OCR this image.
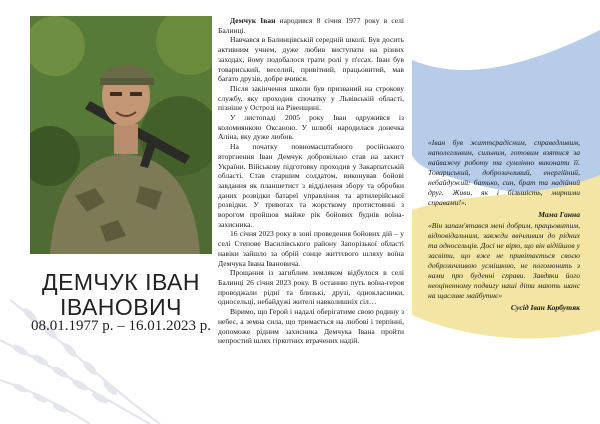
ДЕМЧУК ІВАН
ІВАНОВИЧ
08.01.1977 р. – 16.01.2023 р.

Демчук Іван народився 8 січня 1977 року в селі Балинці.

Навчався в Балинцівській середній школі. Був досить активним учнем, дуже любив виступати на різних заходах, йому подобалося грати ролі у п'єсах. Іван був товариський, веселий, привітний, працьовитий, мав багато друзів, добре вчився.

Після закінчення школи був призваний на строкову службу, яку проходив спочатку у Львівській області, пізніше у Острозі на Рівенщині.

У листопаді 2005 року Іван одружився із коломиянкою Оксаною. У шлюбі народилася донечка Аліна, яку дуже любив.

На початку повномасштабного російського вторгнення Іван Демчук добровільно став на захист України. Військову підготовку проходив у Закарпатській області. Став старшим солдатом, виконував бойові завдання як планшетист з відділення збору та обробки даних розвідки батареї управління та артилерійської розвідки. У тривогах та жорсткому протистоянні з ворогом пройшов майже рік бойових буднів воїна-захисника.

16 січня 2023 року в зоні проведення бойових дій – у селі Степове Василівського району Запорізької області навіки зайшло за обрій сонце життєвого шляху воїна Демчука Івана Івановича.

Прощання із загиблим земляком відбулося в селі Балинці 26 січня 2023 року. В останню путь воїна-героя проводжали рідні та близькі, друзі, однокласники, односельці, небайдужі жителі навколишніх сіл…

Віримо, що Герой і надалі оберігатиме свою родину з небес, а земна сила, що тримається на любові і терпінні, допоможе рідним захисника Демчука Івана пройти непростий шлях гіркотних втрачених надій.

«Іван був життєрадісним, справедливим, наполегливим, сильним, готовим взятися за найважчу роботу та сумлінно виконати її. Товариський, доброзичливий, енергійний, небайдужий: батько, син, брат та надійний друг. Живи, як і більшість, мирними справами!».
Мама Ганна
«Він запам'ятався мені добрим, працьовитим, відповідальним, завжди ввічливим до рідних та односельців. Досі не вірю, що він відійшов у засвіти, що вже не привітається своєю доброзичливою усмішкою, не погомонить з нами про буденні справи. Завдяки його неоціненному подвигу наші діти мають шанс на щасливе майбутнє»
Сусід Іван Корбутяк
